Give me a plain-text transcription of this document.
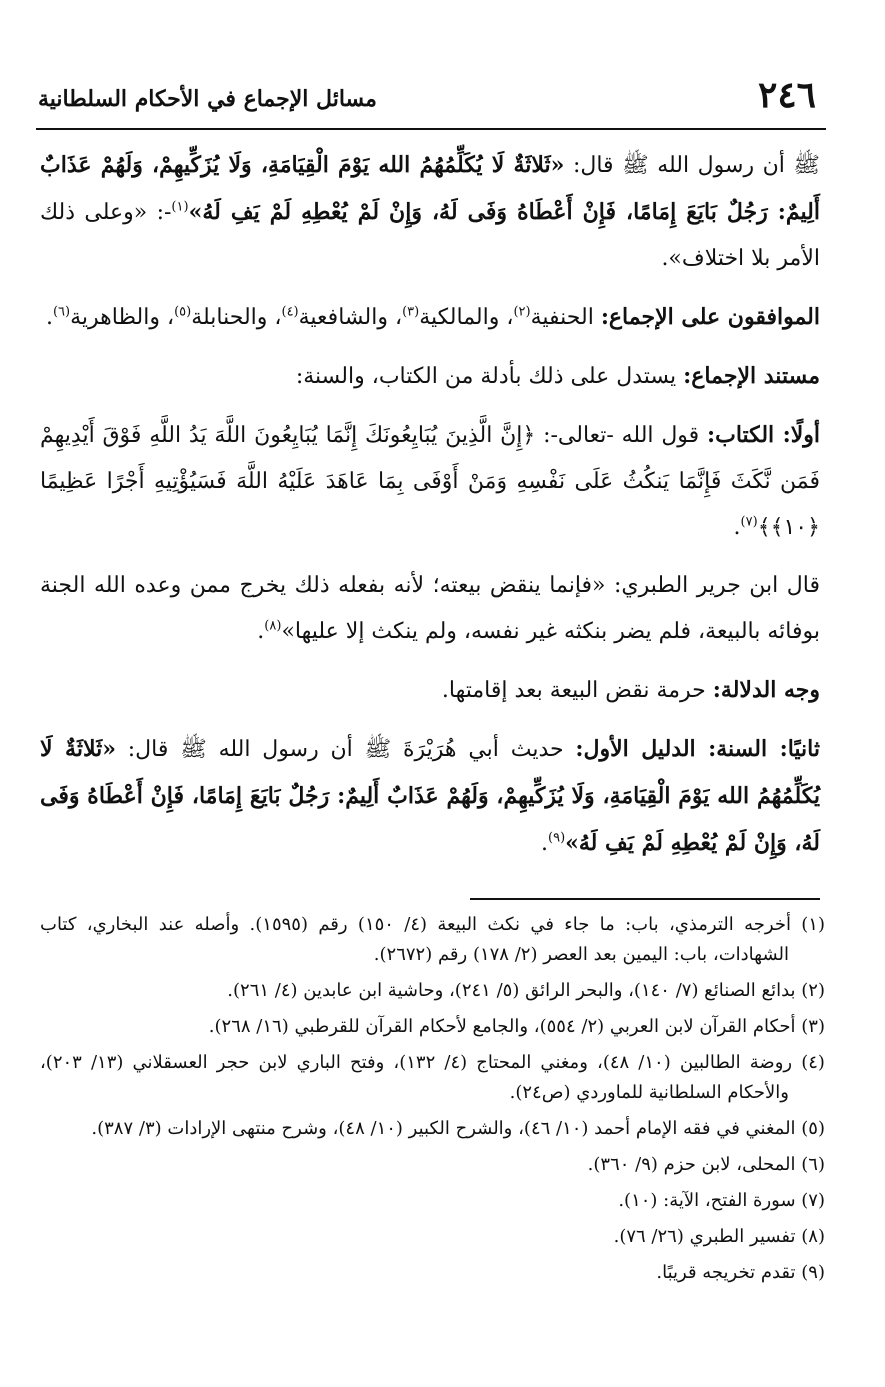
٢٤٦
مسائل الإجماع في الأحكام السلطانية

ﷺ أن رسول الله ﷺ قال: «ثَلاثَةٌ لَا يُكَلِّمُهُمُ الله يَوْمَ الْقِيَامَةِ، وَلَا يُزَكِّيهِمْ، وَلَهُمْ عَذَابٌ أَلِيمٌ: رَجُلٌ بَايَعَ إِمَامًا، فَإِنْ أَعْطَاهُ وَفَى لَهُ، وَإِنْ لَمْ يُعْطِهِ لَمْ يَفِ لَهُ»$^{(١)}$-: «وعلى ذلك الأمر بلا اختلاف».

الموافقون على الإجماع: الحنفية$^{(٢)}$، والمالكية$^{(٣)}$، والشافعية$^{(٤)}$، والحنابلة$^{(٥)}$، والظاهرية$^{(٦)}$.

مستند الإجماع: يستدل على ذلك بأدلة من الكتاب، والسنة:

أولًا: الكتاب: قول الله -تعالى-: ﴿إِنَّ الَّذِينَ يُبَايِعُونَكَ إِنَّمَا يُبَايِعُونَ اللَّهَ يَدُ اللَّهِ فَوْقَ أَيْدِيهِمْ فَمَن نَّكَثَ فَإِنَّمَا يَنكُثُ عَلَى نَفْسِهِ وَمَنْ أَوْفَى بِمَا عَاهَدَ عَلَيْهُ اللَّهَ فَسَيُؤْتِيهِ أَجْرًا عَظِيمًا ﴿١٠﴾﴾$^{(٧)}$.

قال ابن جرير الطبري: «فإنما ينقض بيعته؛ لأنه بفعله ذلك يخرج ممن وعده الله الجنة بوفائه بالبيعة، فلم يضر بنكثه غير نفسه، ولم ينكث إلا عليها»$^{(٨)}$.

وجه الدلالة: حرمة نقض البيعة بعد إقامتها.

ثانيًا: السنة: الدليل الأول: حديث أبي هُرَيْرَةَ ﷺ أن رسول الله ﷺ قال: «ثَلاثَةٌ لَا يُكَلِّمُهُمُ الله يَوْمَ الْقِيَامَةِ، وَلَا يُزَكِّيهِمْ، وَلَهُمْ عَذَابٌ أَلِيمٌ: رَجُلٌ بَايَعَ إِمَامًا، فَإِنْ أَعْطَاهُ وَفَى لَهُ، وَإِنْ لَمْ يُعْطِهِ لَمْ يَفِ لَهُ»$^{(٩)}$.

(١) أخرجه الترمذي، باب: ما جاء في نكث البيعة (٤/ ١٥٠) رقم (١٥٩٥). وأصله عند البخاري، كتاب الشهادات، باب: اليمين بعد العصر (٢/ ١٧٨) رقم (٢٦٧٢).

(٢) بدائع الصنائع (٧/ ١٤٠)، والبحر الرائق (٥/ ٢٤١)، وحاشية ابن عابدين (٤/ ٢٦١).

(٣) أحكام القرآن لابن العربي (٢/ ٥٥٤)، والجامع لأحكام القرآن للقرطبي (١٦/ ٢٦٨).

(٤) روضة الطالبين (١٠/ ٤٨)، ومغني المحتاج (٤/ ١٣٢)، وفتح الباري لابن حجر العسقلاني (١٣/ ٢٠٣)، والأحكام السلطانية للماوردي (ص٢٤).

(٥) المغني في فقه الإمام أحمد (١٠/ ٤٦)، والشرح الكبير (١٠/ ٤٨)، وشرح منتهى الإرادات (٣/ ٣٨٧).

(٦) المحلى، لابن حزم (٩/ ٣٦٠).

(٧) سورة الفتح، الآية: (١٠).

(٨) تفسير الطبري (٢٦/ ٧٦).

(٩) تقدم تخريجه قريبًا.
